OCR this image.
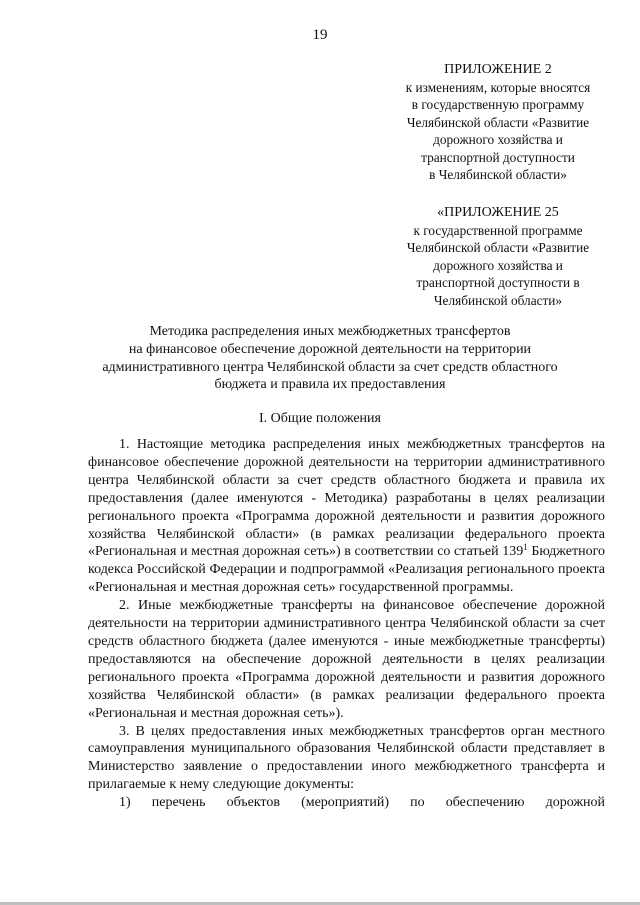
19
ПРИЛОЖЕНИЕ 2
к изменениям, которые вносятся
в государственную программу
Челябинской области «Развитие
дорожного хозяйства и
транспортной доступности
в Челябинской области»
«ПРИЛОЖЕНИЕ 25
к государственной программе
Челябинской области «Развитие
дорожного хозяйства и
транспортной доступности в
Челябинской области»
Методика распределения иных межбюджетных трансфертов
на финансовое обеспечение дорожной деятельности на территории
административного центра Челябинской области за счет средств областного
бюджета и правила их предоставления
I. Общие положения

1. Настоящие методика распределения иных межбюджетных трансфертов на финансовое обеспечение дорожной деятельности на территории административного центра Челябинской области за счет средств областного бюджета и правила их предоставления (далее именуются - Методика) разработаны в целях реализации регионального проекта «Программа дорожной деятельности и развития дорожного хозяйства Челябинской области» (в рамках реализации федерального проекта «Региональная и местная дорожная сеть») в соответствии со статьей $139^1$ Бюджетного кодекса Российской Федерации и подпрограммой «Реализация регионального проекта «Региональная и местная дорожная сеть» государственной программы.

2. Иные межбюджетные трансферты на финансовое обеспечение дорожной деятельности на территории административного центра Челябинской области за счет средств областного бюджета (далее именуются - иные межбюджетные трансферты) предоставляются на обеспечение дорожной деятельности в целях реализации регионального проекта «Программа дорожной деятельности и развития дорожного хозяйства Челябинской области» (в рамках реализации федерального проекта «Региональная и местная дорожная сеть»).

3. В целях предоставления иных межбюджетных трансфертов орган местного самоуправления муниципального образования Челябинской области представляет в Министерство заявление о предоставлении иного межбюджетного трансферта и прилагаемые к нему следующие документы:

1) перечень объектов (мероприятий) по обеспечению дорожной
